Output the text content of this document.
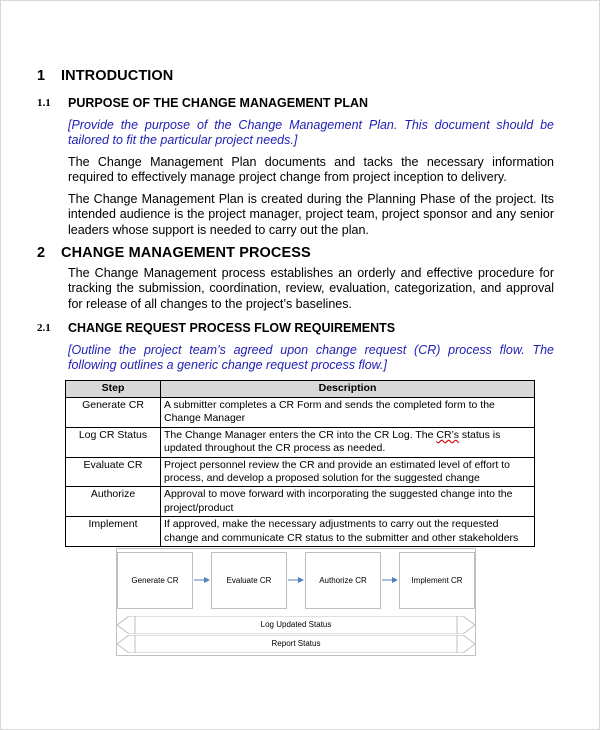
1	INTRODUCTION
1.1	PURPOSE OF THE CHANGE MANAGEMENT PLAN
[Provide the purpose of the Change Management Plan. This document should be tailored to fit the particular project needs.]
The Change Management Plan documents and tacks the necessary information required to effectively manage project change from project inception to delivery.
The Change Management Plan is created during the Planning Phase of the project. Its intended audience is the project manager, project team, project sponsor and any senior leaders whose support is needed to carry out the plan.
2	CHANGE MANAGEMENT PROCESS
The Change Management process establishes an orderly and effective procedure for tracking the submission, coordination, review, evaluation, categorization, and approval for release of all changes to the project’s baselines.
2.1	CHANGE REQUEST PROCESS FLOW REQUIREMENTS
[Outline the project team’s agreed upon change request (CR) process flow. The following outlines a generic change request process flow.]
Step	Description
Generate CR	A submitter completes a CR Form and sends the completed form to the Change Manager
Log CR Status	The Change Manager enters the CR into the CR Log. The CR’s status is updated throughout the CR process as needed.
Evaluate CR	Project personnel review the CR and provide an estimated level of effort to process, and develop a proposed solution for the suggested change
Authorize	Approval to move forward with incorporating the suggested change into the project/product
Implement	If approved, make the necessary adjustments to carry out the requested change and communicate CR status to the submitter and other stakeholders
Generate CR	Evaluate CR	Authorize CR	Implement CR
Log Updated Status
Report Status
